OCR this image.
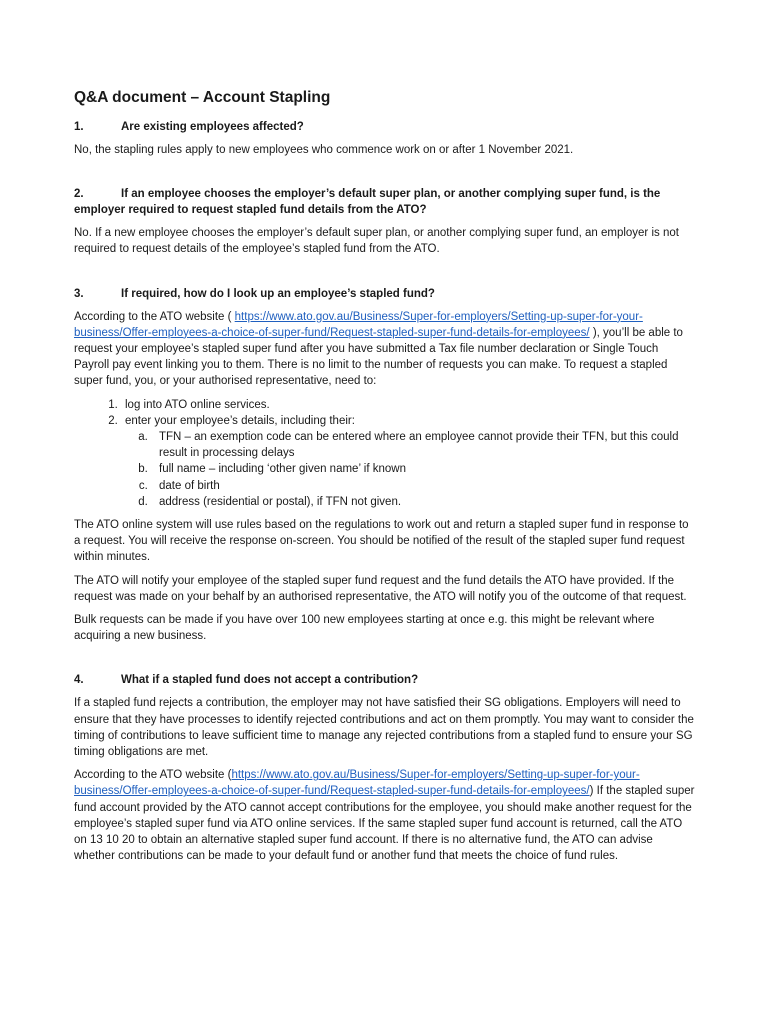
Q&A document – Account Stapling
1.	Are existing employees affected?

No, the stapling rules apply to new employees who commence work on or after 1 November 2021.

2.	If an employee chooses the employer’s default super plan, or another complying super fund, is the employer required to request stapled fund details from the ATO?

No. If a new employee chooses the employer’s default super plan, or another complying super fund, an employer is not required to request details of the employee’s stapled fund from the ATO.

3.	If required, how do I look up an employee’s stapled fund?

According to the ATO website ( https://www.ato.gov.au/Business/Super-for-employers/Setting-up-super-for-your-business/Offer-employees-a-choice-of-super-fund/Request-stapled-super-fund-details-for-employees/ ), you’ll be able to request your employee’s stapled super fund after you have submitted a Tax file number declaration or Single Touch Payroll pay event linking you to them. There is no limit to the number of requests you can make. To request a stapled super fund, you, or your authorised representative, need to:

1. log into ATO online services.
2. enter your employee’s details, including their:
a. TFN – an exemption code can be entered where an employee cannot provide their TFN, but this could result in processing delays
b. full name – including ‘other given name’ if known
c. date of birth
d. address (residential or postal), if TFN not given.

The ATO online system will use rules based on the regulations to work out and return a stapled super fund in response to a request. You will receive the response on-screen. You should be notified of the result of the stapled super fund request within minutes.

The ATO will notify your employee of the stapled super fund request and the fund details the ATO have provided. If the request was made on your behalf by an authorised representative, the ATO will notify you of the outcome of that request.

Bulk requests can be made if you have over 100 new employees starting at once e.g. this might be relevant where acquiring a new business.

4.	What if a stapled fund does not accept a contribution?

If a stapled fund rejects a contribution, the employer may not have satisfied their SG obligations. Employers will need to ensure that they have processes to identify rejected contributions and act on them promptly. You may want to consider the timing of contributions to leave sufficient time to manage any rejected contributions from a stapled fund to ensure your SG timing obligations are met.

According to the ATO website (https://www.ato.gov.au/Business/Super-for-employers/Setting-up-super-for-your-business/Offer-employees-a-choice-of-super-fund/Request-stapled-super-fund-details-for-employees/) If the stapled super fund account provided by the ATO cannot accept contributions for the employee, you should make another request for the employee’s stapled super fund via ATO online services. If the same stapled super fund account is returned, call the ATO on 13 10 20 to obtain an alternative stapled super fund account. If there is no alternative fund, the ATO can advise whether contributions can be made to your default fund or another fund that meets the choice of fund rules.
